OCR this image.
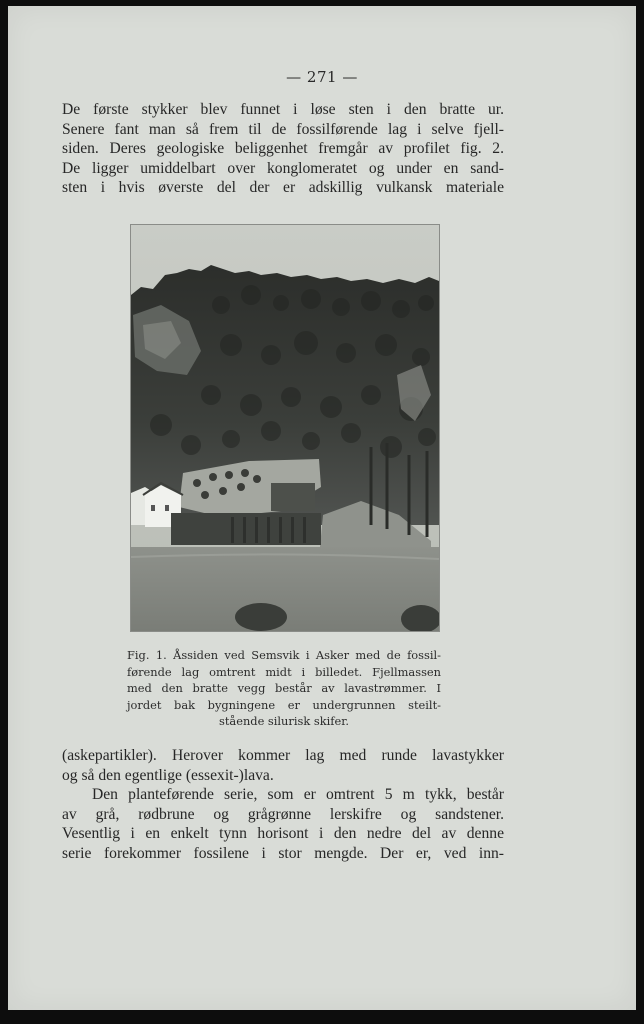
— 271 —
De første stykker blev funnet i løse sten i den bratte ur.
Senere fant man så frem til de fossilførende lag i selve fjell-
siden. Deres geologiske beliggenhet fremgår av profilet fig. 2.
De ligger umiddelbart over konglomeratet og under en sand-
sten i hvis øverste del der er adskillig vulkansk materiale
Fig. 1. Åssiden ved Semsvik i Asker med de fossil-
førende lag omtrent midt i billedet. Fjellmassen
med den bratte vegg består av lavastrømmer. I
jordet bak bygningene er undergrunnen steilt-
stående silurisk skifer.
(askepartikler). Herover kommer lag med runde lavastykker
og så den egentlige (essexit-)lava.
Den planteførende serie, som er omtrent 5 m tykk, består
av grå, rødbrune og grågrønne lerskifre og sandstener.
Vesentlig i en enkelt tynn horisont i den nedre del av denne
serie forekommer fossilene i stor mengde. Der er, ved inn-
